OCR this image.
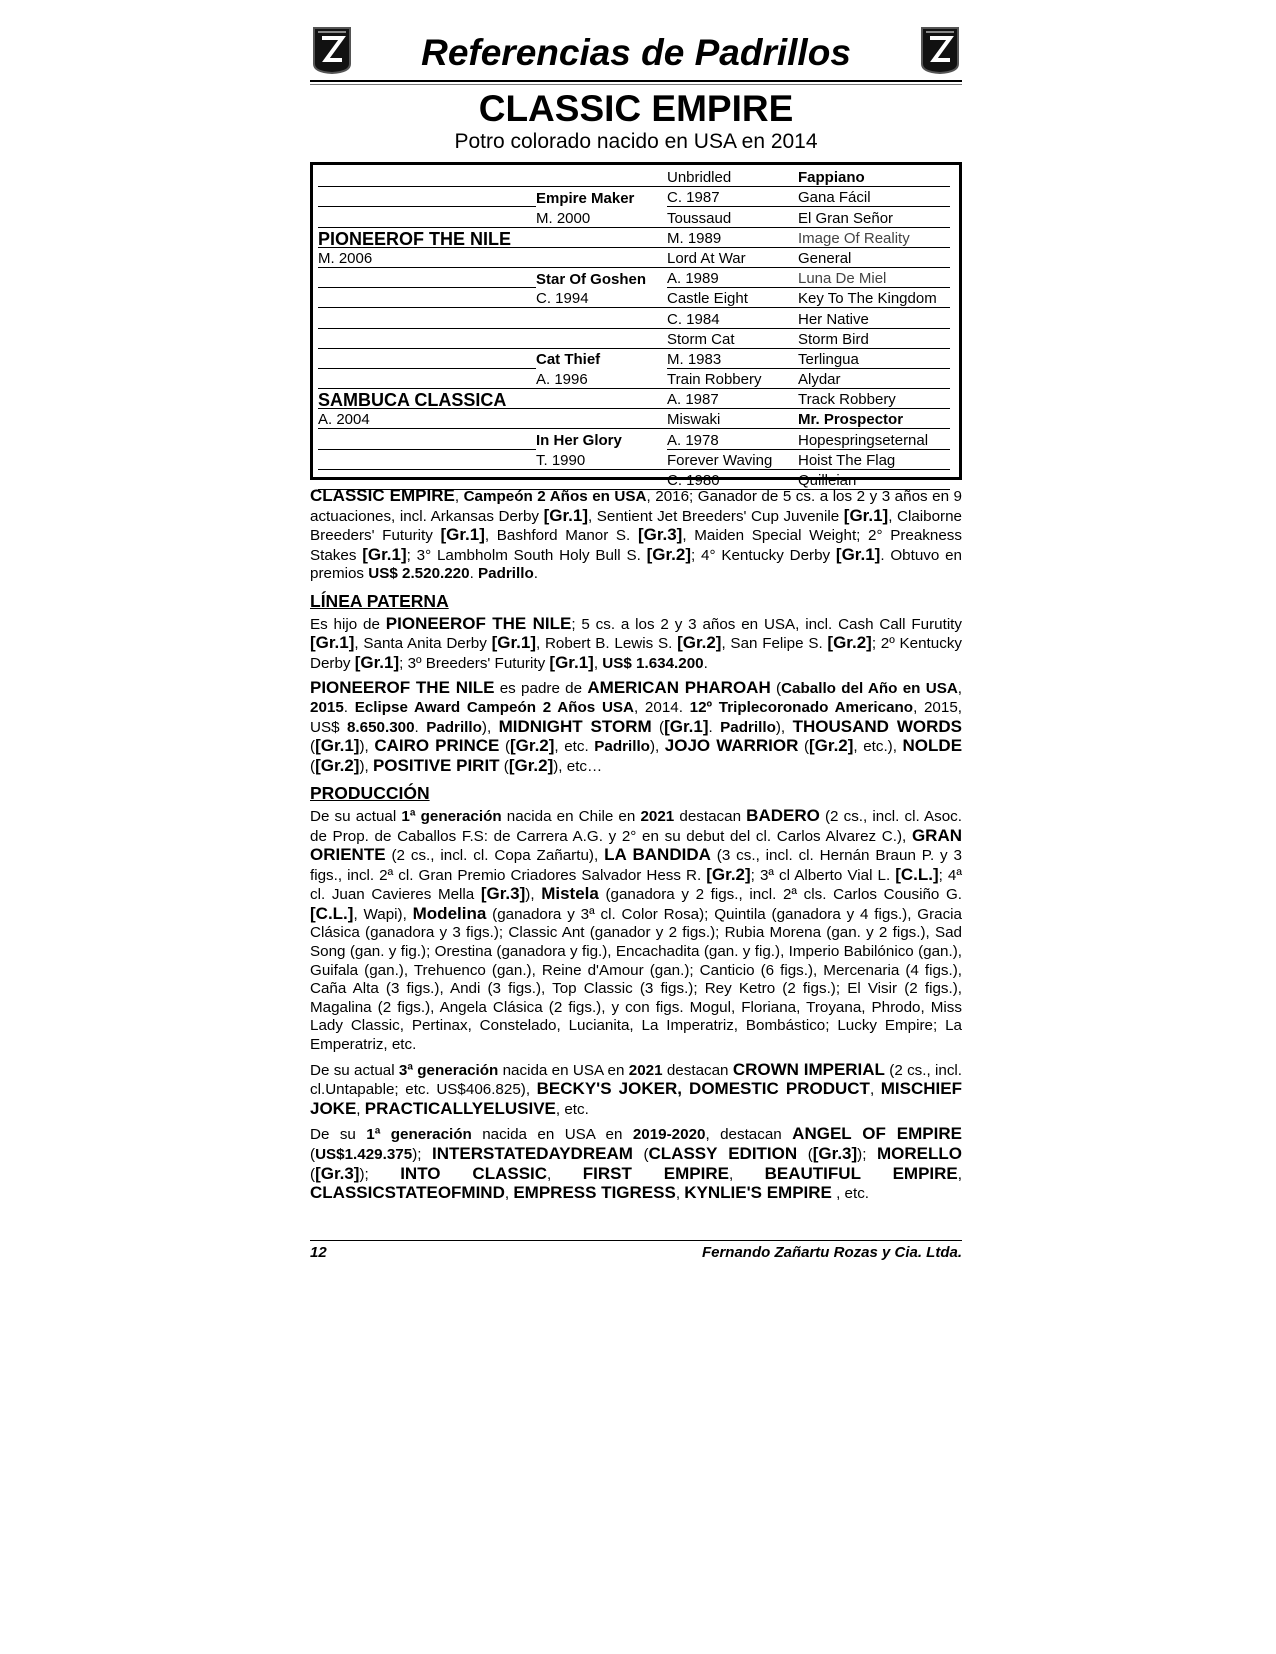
Referencias de Padrillos
CLASSIC EMPIRE
Potro colorado nacido en USA en 2014
		Unbridled	Fappiano
	Empire Maker	C. 1987	Gana Fácil
	M. 2000	Toussaud	El Gran Señor
PIONEEROF THE NILE		M. 1989	Image Of Reality
M. 2006		Lord At War	General
	Star Of Goshen	A. 1989	Luna De Miel
	C. 1994	Castle Eight	Key To The Kingdom
		C. 1984	Her Native
		Storm Cat	Storm Bird
	Cat Thief	M. 1983	Terlingua
	A. 1996	Train Robbery	Alydar
SAMBUCA CLASSICA		A. 1987	Track Robbery
A. 2004		Miswaki	Mr. Prospector
	In Her Glory	A. 1978	Hopespringseternal
	T. 1990	Forever Waving	Hoist The Flag
		C. 1980	Quilleian

CLASSIC EMPIRE, Campeón 2 Años en USA, 2016; Ganador de 5 cs. a los 2 y 3 años en 9 actuaciones, incl. Arkansas Derby [Gr.1], Sentient Jet Breeders' Cup Juvenile [Gr.1], Claiborne Breeders' Futurity [Gr.1], Bashford Manor S. [Gr.3], Maiden Special Weight; 2° Preakness Stakes [Gr.1]; 3° Lambholm South Holy Bull S. [Gr.2]; 4° Kentucky Derby [Gr.1]. Obtuvo en premios US$ 2.520.220. Padrillo.

LÍNEA PATERNA

Es hijo de PIONEEROF THE NILE; 5 cs. a los 2 y 3 años en USA, incl. Cash Call Furutity [Gr.1], Santa Anita Derby [Gr.1], Robert B. Lewis S. [Gr.2], San Felipe S. [Gr.2]; 2º Kentucky Derby [Gr.1]; 3º Breeders' Futurity [Gr.1], US$ 1.634.200.

PIONEEROF THE NILE es padre de AMERICAN PHAROAH (Caballo del Año en USA, 2015. Eclipse Award Campeón 2 Años USA, 2014. 12º Triplecoronado Americano, 2015, US$ 8.650.300. Padrillo), MIDNIGHT STORM ([Gr.1]. Padrillo), THOUSAND WORDS ([Gr.1]), CAIRO PRINCE ([Gr.2], etc. Padrillo), JOJO WARRIOR ([Gr.2], etc.), NOLDE ([Gr.2]), POSITIVE PIRIT ([Gr.2]), etc…

PRODUCCIÓN

De su actual 1ª generación nacida en Chile en 2021 destacan BADERO (2 cs., incl. cl. Asoc. de Prop. de Caballos F.S: de Carrera A.G. y 2° en su debut del cl. Carlos Alvarez C.), GRAN ORIENTE (2 cs., incl. cl. Copa Zañartu), LA BANDIDA (3 cs., incl. cl. Hernán Braun P. y 3 figs., incl. 2ª cl. Gran Premio Criadores Salvador Hess R. [Gr.2]; 3ª cl Alberto Vial L. [C.L.]; 4ª cl. Juan Cavieres Mella [Gr.3]), Mistela (ganadora y 2 figs., incl. 2ª cls. Carlos Cousiño G. [C.L.], Wapi), Modelina (ganadora y 3ª cl. Color Rosa); Quintila (ganadora y 4 figs.), Gracia Clásica (ganadora y 3 figs.); Classic Ant (ganador y 2 figs.); Rubia Morena (gan. y 2 figs.), Sad Song (gan. y fig.); Orestina (ganadora y fig.), Encachadita (gan. y fig.), Imperio Babilónico (gan.), Guifala (gan.), Trehuenco (gan.), Reine d'Amour (gan.); Canticio (6 figs.), Mercenaria (4 figs.), Caña Alta (3 figs.), Andi (3 figs.), Top Classic (3 figs.); Rey Ketro (2 figs.); El Visir (2 figs.), Magalina (2 figs.), Angela Clásica (2 figs.), y con figs. Mogul, Floriana, Troyana, Phrodo, Miss Lady Classic, Pertinax, Constelado, Lucianita, La Imperatriz, Bombástico; Lucky Empire; La Emperatriz, etc.

De su actual 3ª generación nacida en USA en 2021 destacan CROWN IMPERIAL (2 cs., incl. cl.Untapable; etc. US$406.825), BECKY'S JOKER, DOMESTIC PRODUCT, MISCHIEF JOKE, PRACTICALLYELUSIVE, etc.

De su 1ª generación nacida en USA en 2019-2020, destacan ANGEL OF EMPIRE (US$1.429.375); INTERSTATEDAYDREAM (CLASSY EDITION ([Gr.3]); MORELLO ([Gr.3]); INTO CLASSIC, FIRST EMPIRE, BEAUTIFUL EMPIRE, CLASSICSTATEOFMIND, EMPRESS TIGRESS, KYNLIE'S EMPIRE , etc.

12	Fernando Zañartu Rozas y Cia. Ltda.
